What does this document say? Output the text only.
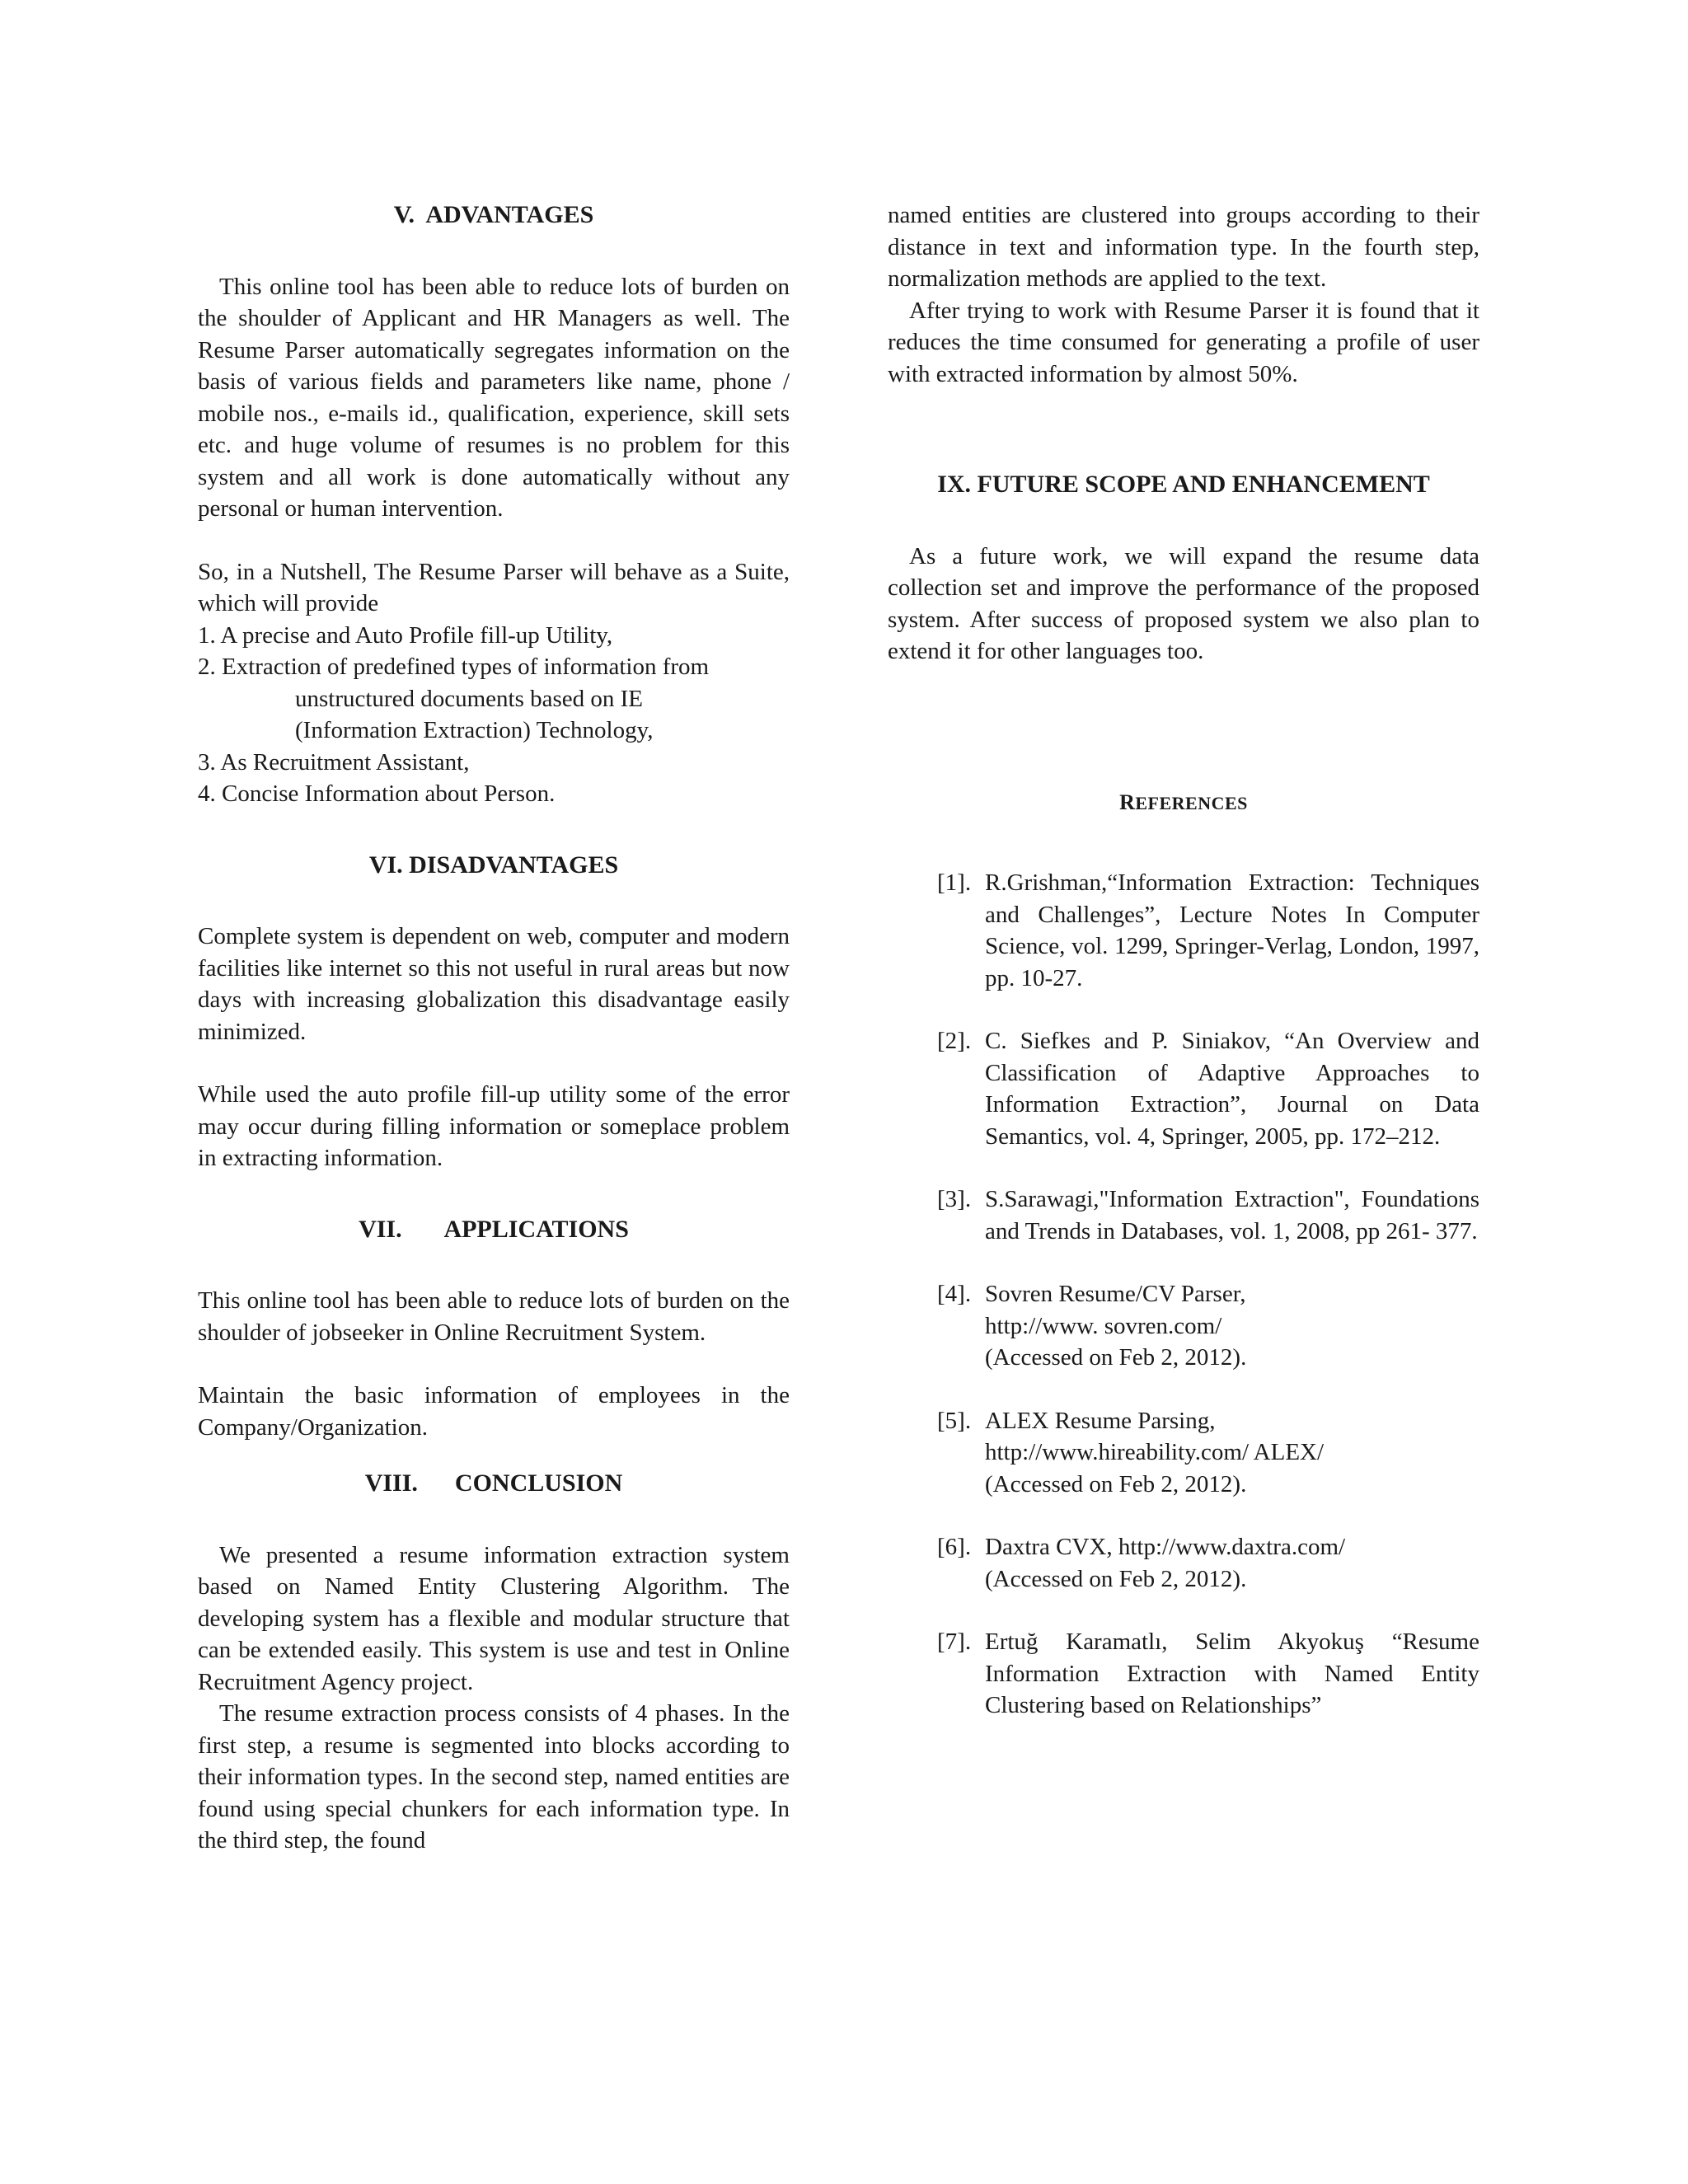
V.  ADVANTAGES

This online tool has been able to reduce lots of burden on the shoulder of Applicant and HR Managers as well. The Resume Parser automatically segregates information on the basis of various fields and parameters like name, phone / mobile nos., e-mails id., qualification, experience, skill sets etc. and huge volume of resumes is no problem for this system and all work is done automatically without any personal or human intervention.

So, in a Nutshell, The Resume Parser will behave as a Suite, which will provide

1. A precise and Auto Profile fill-up Utility,

2. Extraction of predefined types of information from

unstructured documents based on IE

(Information Extraction) Technology,

3. As Recruitment Assistant,

4. Concise Information about Person.

VI. DISADVANTAGES

Complete system is dependent on web, computer and modern facilities like internet so this not useful in rural areas but now days with increasing globalization this disadvantage easily minimized.

While used the auto profile fill-up utility some of the error may occur during filling information or someplace problem in extracting information.

VII.       APPLICATIONS

This online tool has been able to reduce lots of burden on the shoulder of jobseeker in Online Recruitment System.

Maintain the basic information of employees in the Company/Organization.

VIII.      CONCLUSION

We presented a resume information extraction system based on Named Entity Clustering Algorithm. The developing system has a flexible and modular structure that can be extended easily. This system is use and test in Online Recruitment Agency project.

The resume extraction process consists of 4 phases. In the first step, a resume is segmented into blocks according to their information types. In the second step, named entities are found using special chunkers for each information type. In the third step, the found

named entities are clustered into groups according to their distance in text and information type. In the fourth step, normalization methods are applied to the text.

After trying to work with Resume Parser it is found that it reduces the time consumed for generating a profile of user with extracted information by almost 50%.

IX. FUTURE SCOPE AND ENHANCEMENT

As a future work, we will expand the resume data collection set and improve the performance of the proposed system. After success of proposed system we also plan to extend it for other languages too.

REFERENCES
[1]. R.Grishman,“Information Extraction: Techniques and Challenges”, Lecture Notes In Computer Science, vol. 1299, Springer-Verlag, London, 1997, pp. 10-27.
[2]. C. Siefkes and P. Siniakov, “An Overview and Classification of Adaptive Approaches to Information Extraction”, Journal on Data Semantics, vol. 4, Springer, 2005, pp. 172–212.
[3]. S.Sarawagi,"Information Extraction", Foundations and Trends in Databases, vol. 1, 2008, pp 261- 377.
[4]. Sovren Resume/CV Parser,
http://www. sovren.com/
(Accessed on Feb 2, 2012).
[5]. ALEX Resume Parsing,
http://www.hireability.com/ ALEX/
(Accessed on Feb 2, 2012).
[6]. Daxtra CVX, http://www.daxtra.com/
(Accessed on Feb 2, 2012).
[7]. Ertuğ Karamatlı, Selim Akyokuş “Resume Information Extraction with Named Entity Clustering based on Relationships”
